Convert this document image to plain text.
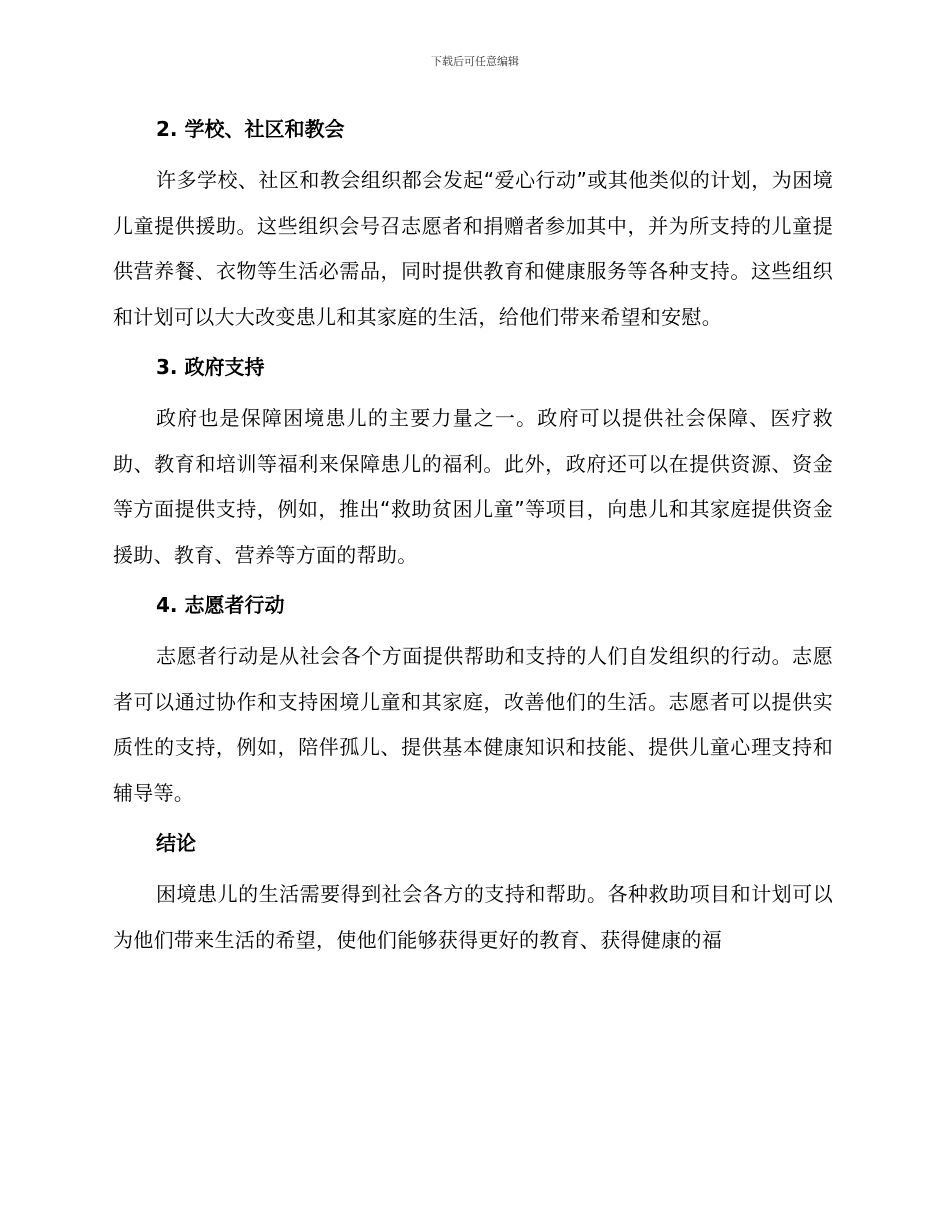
下载后可任意编辑
2. 学校、社区和教会

许多学校、社区和教会组织都会发起“爱心行动”或其他类似的计划，为困境儿童提供援助。这些组织会号召志愿者和捐赠者参加其中，并为所支持的儿童提供营养餐、衣物等生活必需品，同时提供教育和健康服务等各种支持。这些组织和计划可以大大改变患儿和其家庭的生活，给他们带来希望和安慰。

3. 政府支持

政府也是保障困境患儿的主要力量之一。政府可以提供社会保障、医疗救助、教育和培训等福利来保障患儿的福利。此外，政府还可以在提供资源、资金等方面提供支持，例如，推出“救助贫困儿童”等项目，向患儿和其家庭提供资金援助、教育、营养等方面的帮助。

4. 志愿者行动

志愿者行动是从社会各个方面提供帮助和支持的人们自发组织的行动。志愿者可以通过协作和支持困境儿童和其家庭，改善他们的生活。志愿者可以提供实质性的支持，例如，陪伴孤儿、提供基本健康知识和技能、提供儿童心理支持和辅导等。

结论

困境患儿的生活需要得到社会各方的支持和帮助。各种救助项目和计划可以为他们带来生活的希望，使他们能够获得更好的教育、获得健康的福
